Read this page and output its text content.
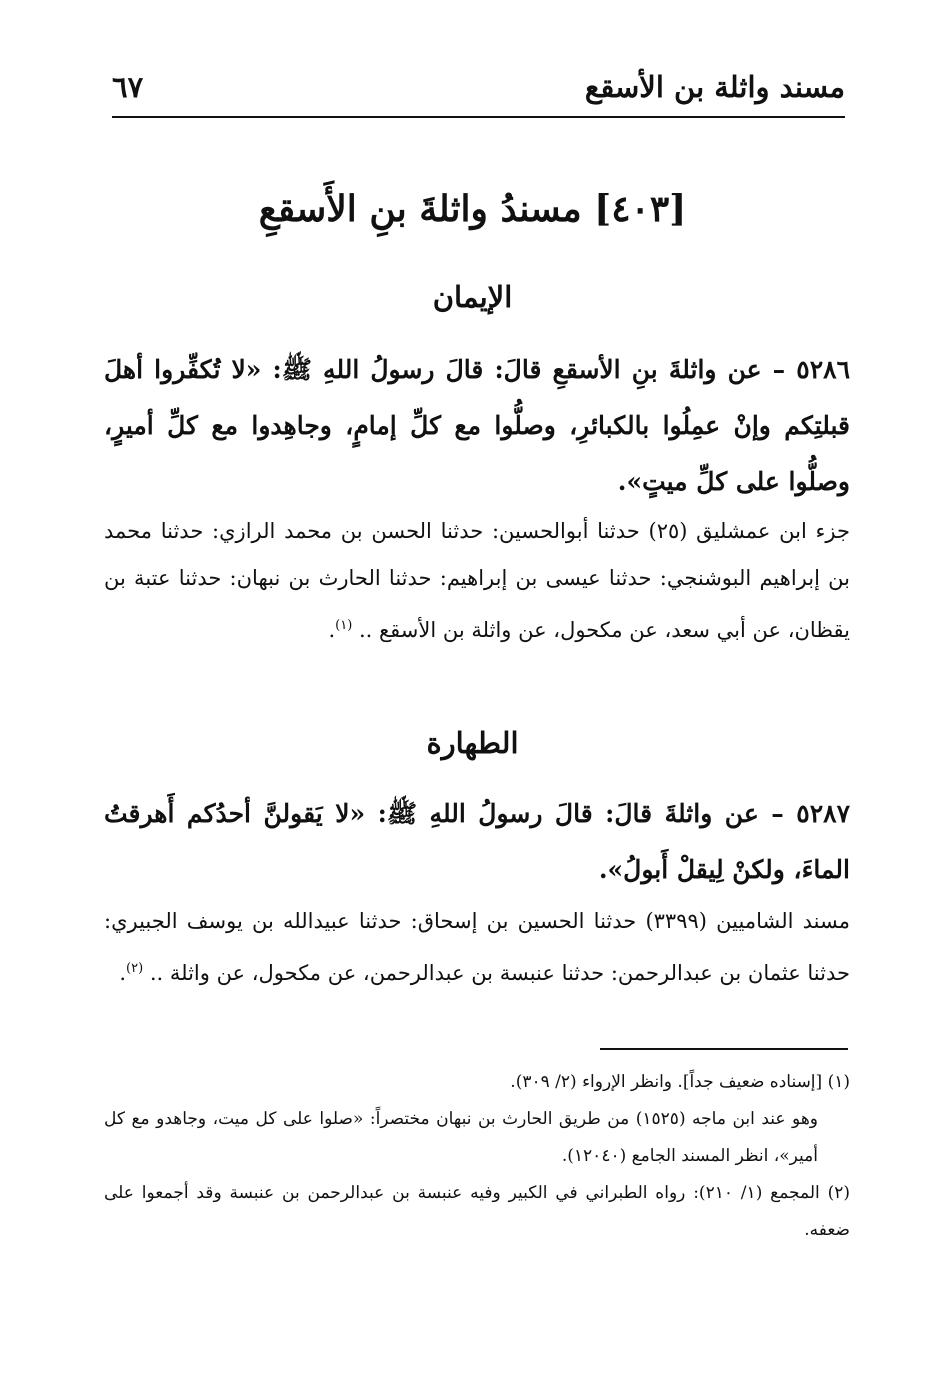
مسند واثلة بن الأسقع
٦٧
[٤٠٣] مسندُ واثلةَ بنِ الأَسقعِ
الإيمان
٥٢٨٦ – عن واثلةَ بنِ الأسقعِ قالَ: قالَ رسولُ اللهِ ﷺ: «لا تُكفِّروا أهلَ قبلتِكم وإنْ عمِلُوا بالكبائرِ، وصلُّوا مع كلِّ إمامٍ، وجاهِدوا مع كلِّ أميرٍ، وصلُّوا على كلِّ ميتٍ».
جزء ابن عمشليق (٢٥) حدثنا أبوالحسين: حدثنا الحسن بن محمد الرازي: حدثنا محمد بن إبراهيم البوشنجي: حدثنا عيسى بن إبراهيم: حدثنا الحارث بن نبهان: حدثنا عتبة بن يقظان، عن أبي سعد، عن مكحول، عن واثلة بن الأسقع .. $^{(١)}$.
الطهارة
٥٢٨٧ – عن واثلةَ قالَ: قالَ رسولُ اللهِ ﷺ: «لا يَقولنَّ أحدُكم أَهرقتُ الماءَ، ولكنْ لِيقلْ أَبولُ».
مسند الشاميين (٣٣٩٩) حدثنا الحسين بن إسحاق: حدثنا عبيدالله بن يوسف الجبيري: حدثنا عثمان بن عبدالرحمن: حدثنا عنبسة بن عبدالرحمن، عن مكحول، عن واثلة .. $^{(٢)}$.
(١) [إسناده ضعيف جداً]. وانظر الإرواء (٢/ ٣٠٩).
وهو عند ابن ماجه (١٥٢٥) من طريق الحارث بن نبهان مختصراً: «صلوا على كل ميت، وجاهدو مع كل أمير»، انظر المسند الجامع (١٢٠٤٠).
(٢) المجمع (١/ ٢١٠): رواه الطبراني في الكبير وفيه عنبسة بن عبدالرحمن بن عنبسة وقد أجمعوا على ضعفه.
